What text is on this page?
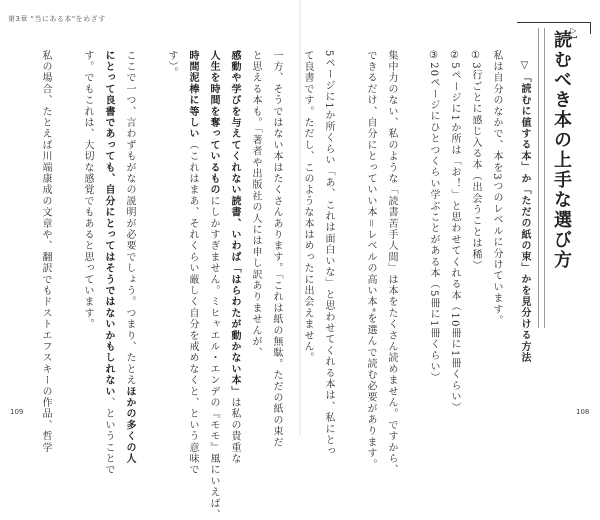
第3章 "当にある本"をめざす
▷1
読むべき本の上手な選び方
▽「読むに値する本」か「ただの紙の束」かを見分ける方法
私は自分のなかで、本を3つのレベルに分けています。
①3行ごとに感じ入る本（出会うことは稀）
②5ページに1か所は「お！」と思わせてくれる本（10冊に1冊くらい）
③20ページにひとつくらい学ぶことがある本（5冊に1冊くらい）
集中力のない、私のような「読書苦手人間」は本をたくさん読めません。ですから、
できるだけ、自分にとっていい本＝レベルの高い本"を選んで読む必要があります。
5ページに1か所くらい「あ、これは面白いな」と思わせてくれる本は、私にとっ
て良書です。ただし、このような本はめったに出会えません。
一方、そうではない本はたくさんあります。「これは紙の無駄。ただの紙の束だ
と思える本も。「著者や出版社の人には申し訳ありませんが、
感動や学びを与えてくれない読書、いわば「はらわたが動かない本」は私の貴重な
人生を時間を奪っているものにしかすぎません。ミヒャエル・エンデの『モモ』風にいえば、
時間泥棒に等しい（これはまあ、それくらい厳しく自分を戒めなくと、という意味で
す）。
ここで一つ、言わずもがなの説明が必要でしょう。つまり、たとえほかの多くの人
にとって良書であっても、自分にとってはそうではないかもしれない、ということで
す。でもこれは、大切な感覚でもあると思っています。
私の場合、たとえば川端康成の文章や、翻訳でもドストエフスキーの作品、哲学
109	108
